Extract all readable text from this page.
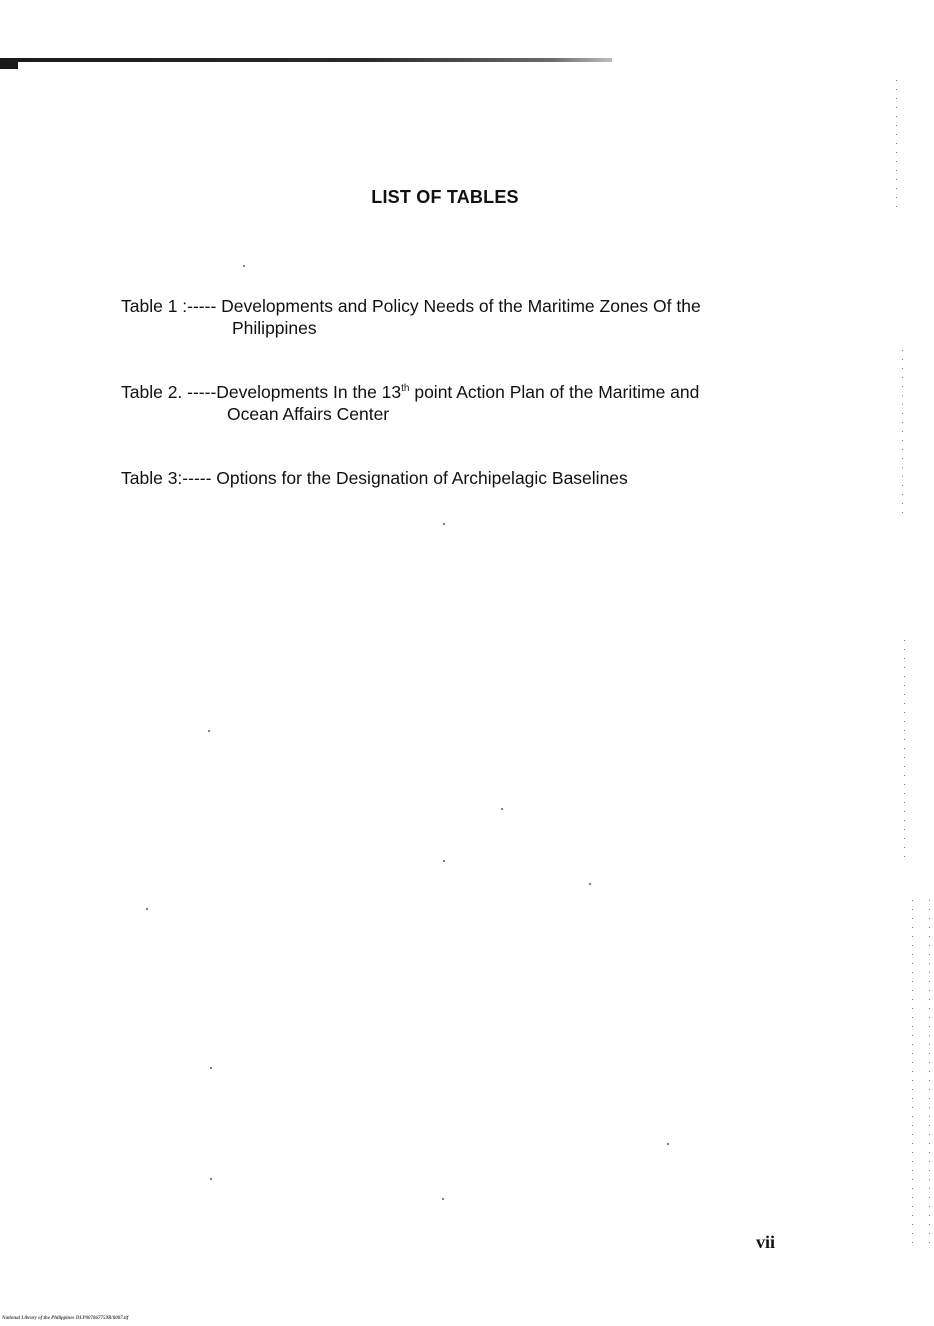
LIST OF TABLES
Table 1 :----- Developments and Policy Needs of the Maritime Zones Of the
Philippines
Table 2. -----Developments In the 13th point Action Plan of the Maritime and
Ocean Affairs Center
Table 3:----- Options for the Designation of Archipelagic Baselines
vii
National Library of the Philippines DLP007867759R/0007.tif
